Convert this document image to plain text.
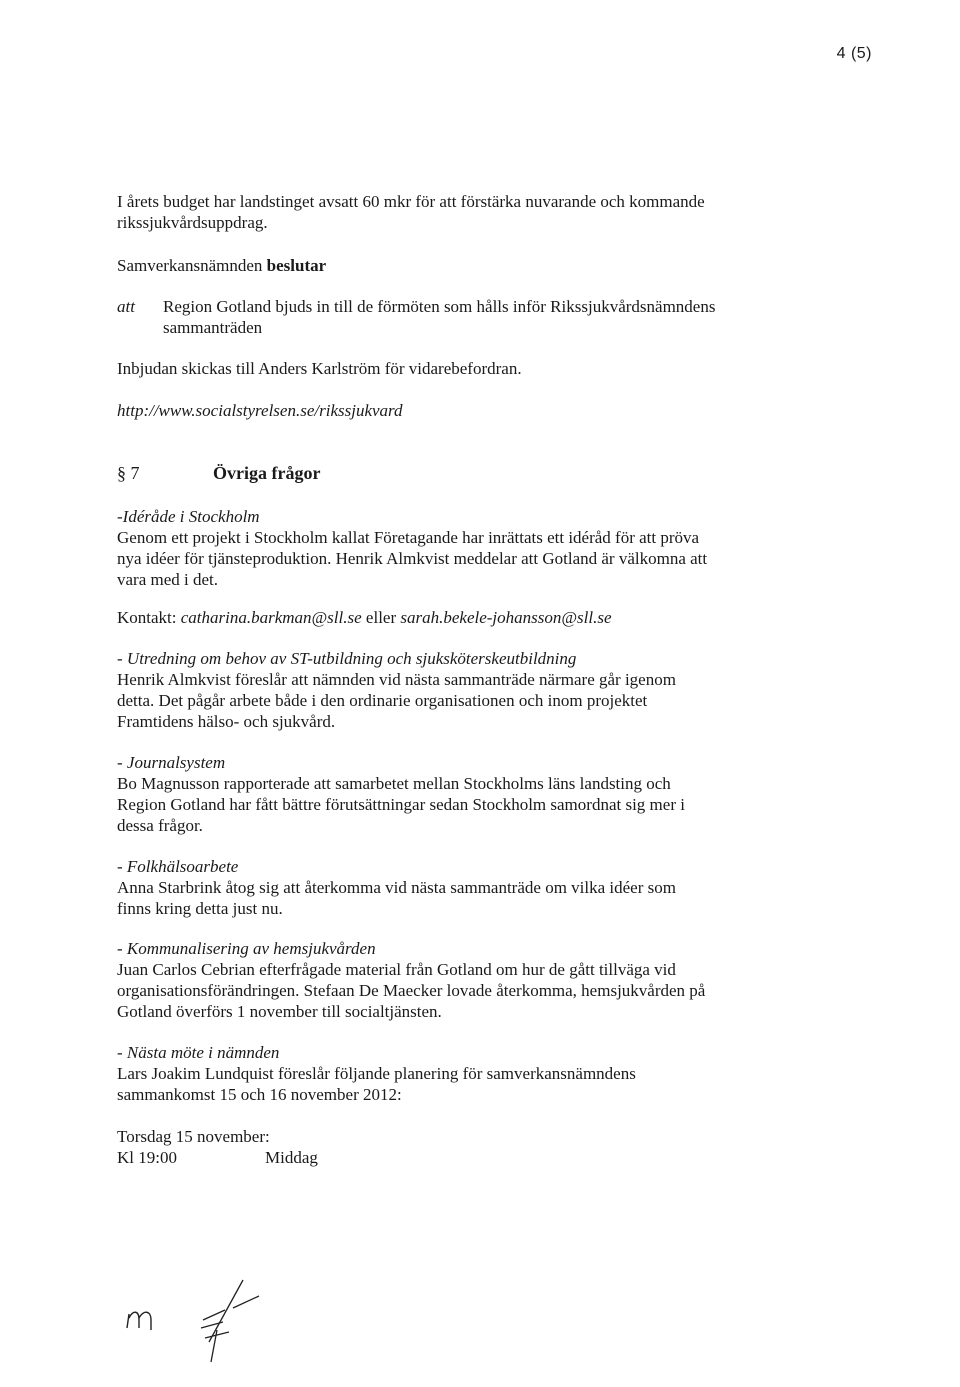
4 (5)
I årets budget har landstinget avsatt 60 mkr för att förstärka nuvarande och kommande
rikssjukvårdsuppdrag.
Samverkansnämnden beslutar
att Region Gotland bjuds in till de förmöten som hålls inför Rikssjukvårdsnämndens
sammanträden
Inbjudan skickas till Anders Karlström för vidarebefordran.
http://www.socialstyrelsen.se/rikssjukvard
§ 7	Övriga frågor
-Idéråde i Stockholm
Genom ett projekt i Stockholm kallat Företagande har inrättats ett idéråd för att pröva
nya idéer för tjänsteproduktion. Henrik Almkvist meddelar att Gotland är välkomna att
vara med i det.
Kontakt: catharina.barkman@sll.se eller sarah.bekele-johansson@sll.se
- Utredning om behov av ST-utbildning och sjuksköterskeutbildning
Henrik Almkvist föreslår att nämnden vid nästa sammanträde närmare går igenom
detta. Det pågår arbete både i den ordinarie organisationen och inom projektet
Framtidens hälso- och sjukvård.
- Journalsystem
Bo Magnusson rapporterade att samarbetet mellan Stockholms läns landsting och
Region Gotland har fått bättre förutsättningar sedan Stockholm samordnat sig mer i
dessa frågor.
- Folkhälsoarbete
Anna Starbrink åtog sig att återkomma vid nästa sammanträde om vilka idéer som
finns kring detta just nu.
- Kommunalisering av hemsjukvården
Juan Carlos Cebrian efterfrågade material från Gotland om hur de gått tillväga vid
organisationsförändringen. Stefaan De Maecker lovade återkomma, hemsjukvården på
Gotland överförs 1 november till socialtjänsten.
- Nästa möte i nämnden
Lars Joakim Lundquist föreslår följande planering för samverkansnämndens
sammankomst 15 och 16 november 2012:
Torsdag 15 november:
Kl 19:00	Middag
